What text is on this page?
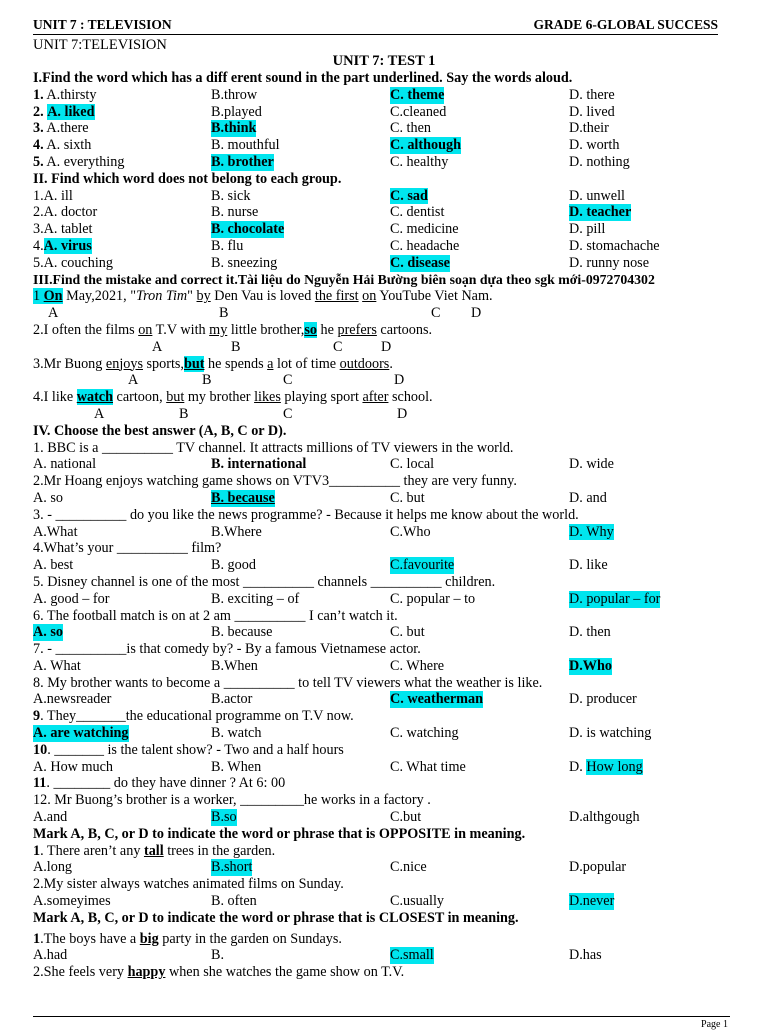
UNIT 7 : TELEVISION	GRADE 6-GLOBAL SUCCESS
UNIT 7:TELEVISION
UNIT 7: TEST 1
I.Find the word which has a diff erent sound in the part underlined. Say the words aloud.
1. A.thirsty	B.throw	C. theme	D. there
2. A. liked	B.played	C.cleaned	D. lived
3. A.there	B.think	C. then	D.their
4. A. sixth	B. mouthful	C. although	D. worth
5. A. everything	B. brother	C. healthy	D. nothing
II. Find which word does not belong to each group.
1.A. ill	B. sick	C. sad	D. unwell
2.A. doctor	B. nurse	C. dentist	D. teacher
3.A. tablet	B. chocolate	C. medicine	D. pill
4.A. virus	B. flu	C. headache	D. stomachache
5.A. couching	B. sneezing	C. disease	D. runny nose
III.Find the mistake and correct it.Tài liệu do Nguyễn Hải Bường biên soạn dựa theo sgk mới-0972704302
1 On May,2021, "Tron Tim" by Den Vau is loved the first on YouTube Viet Nam.
A	B	C D
2.I often the films on T.V with my little brother,so he prefers cartoons.
A	B	C	D
3.Mr Buong enjoys sports,but he spends a lot of time outdoors.
A	B	C	D
4.I like watch cartoon, but my brother likes playing sport after school.
A	B	C	D
IV. Choose the best answer (A, B, C or D).
1. BBC is a __________ TV channel. It attracts millions of TV viewers in the world.
A. national	B. international	C. local	D. wide
2.Mr Hoang enjoys watching game shows on VTV3__________ they are very funny.
A. so	B. because	C. but	D. and
3. - __________ do you like the news programme? - Because it helps me know about the world.
A.What	B.Where	C.Who	D. Why
4.What’s your __________ film?
A. best	B. good	C.favourite	D. like
5. Disney channel is one of the most __________ channels __________ children.
A. good – for	B. exciting – of	C. popular – to	D. popular – for
6. The football match is on at 2 am __________ I can’t watch it.
A. so	B. because	C. but	D. then
7. - __________is that comedy by? - By a famous Vietnamese actor.
A. What	B.When	C. Where	D.Who
8. My brother wants to become a __________ to tell TV viewers what the weather is like.
A.newsreader	B.actor	C. weatherman	D. producer
9. They_______the educational programme on T.V now.
A. are watching	B. watch	C. watching	D. is watching
10. _______ is the talent show? - Two and a half hours
A. How much	B. When	C. What time	D. How long
11. ________ do they have dinner ? At 6: 00
12. Mr Buong’s brother is a worker, _________he works in a factory .
A.and	B.so	C.but	D.althgough
Mark A, B, C, or D to indicate the word or phrase that is OPPOSITE in meaning.
1. There aren’t any tall trees in the garden.
A.long	B.short	C.nice	D.popular
2.My sister always watches animated films on Sunday.
A.someyimes	B. often	C.usually	D.never
Mark A, B, C, or D to indicate the word or phrase that is CLOSEST in meaning.
1.The boys have a big party in the garden on Sundays.
A.had	B.	C.small	D.has
2.She feels very happy when she watches the game show on T.V.
Page 1
